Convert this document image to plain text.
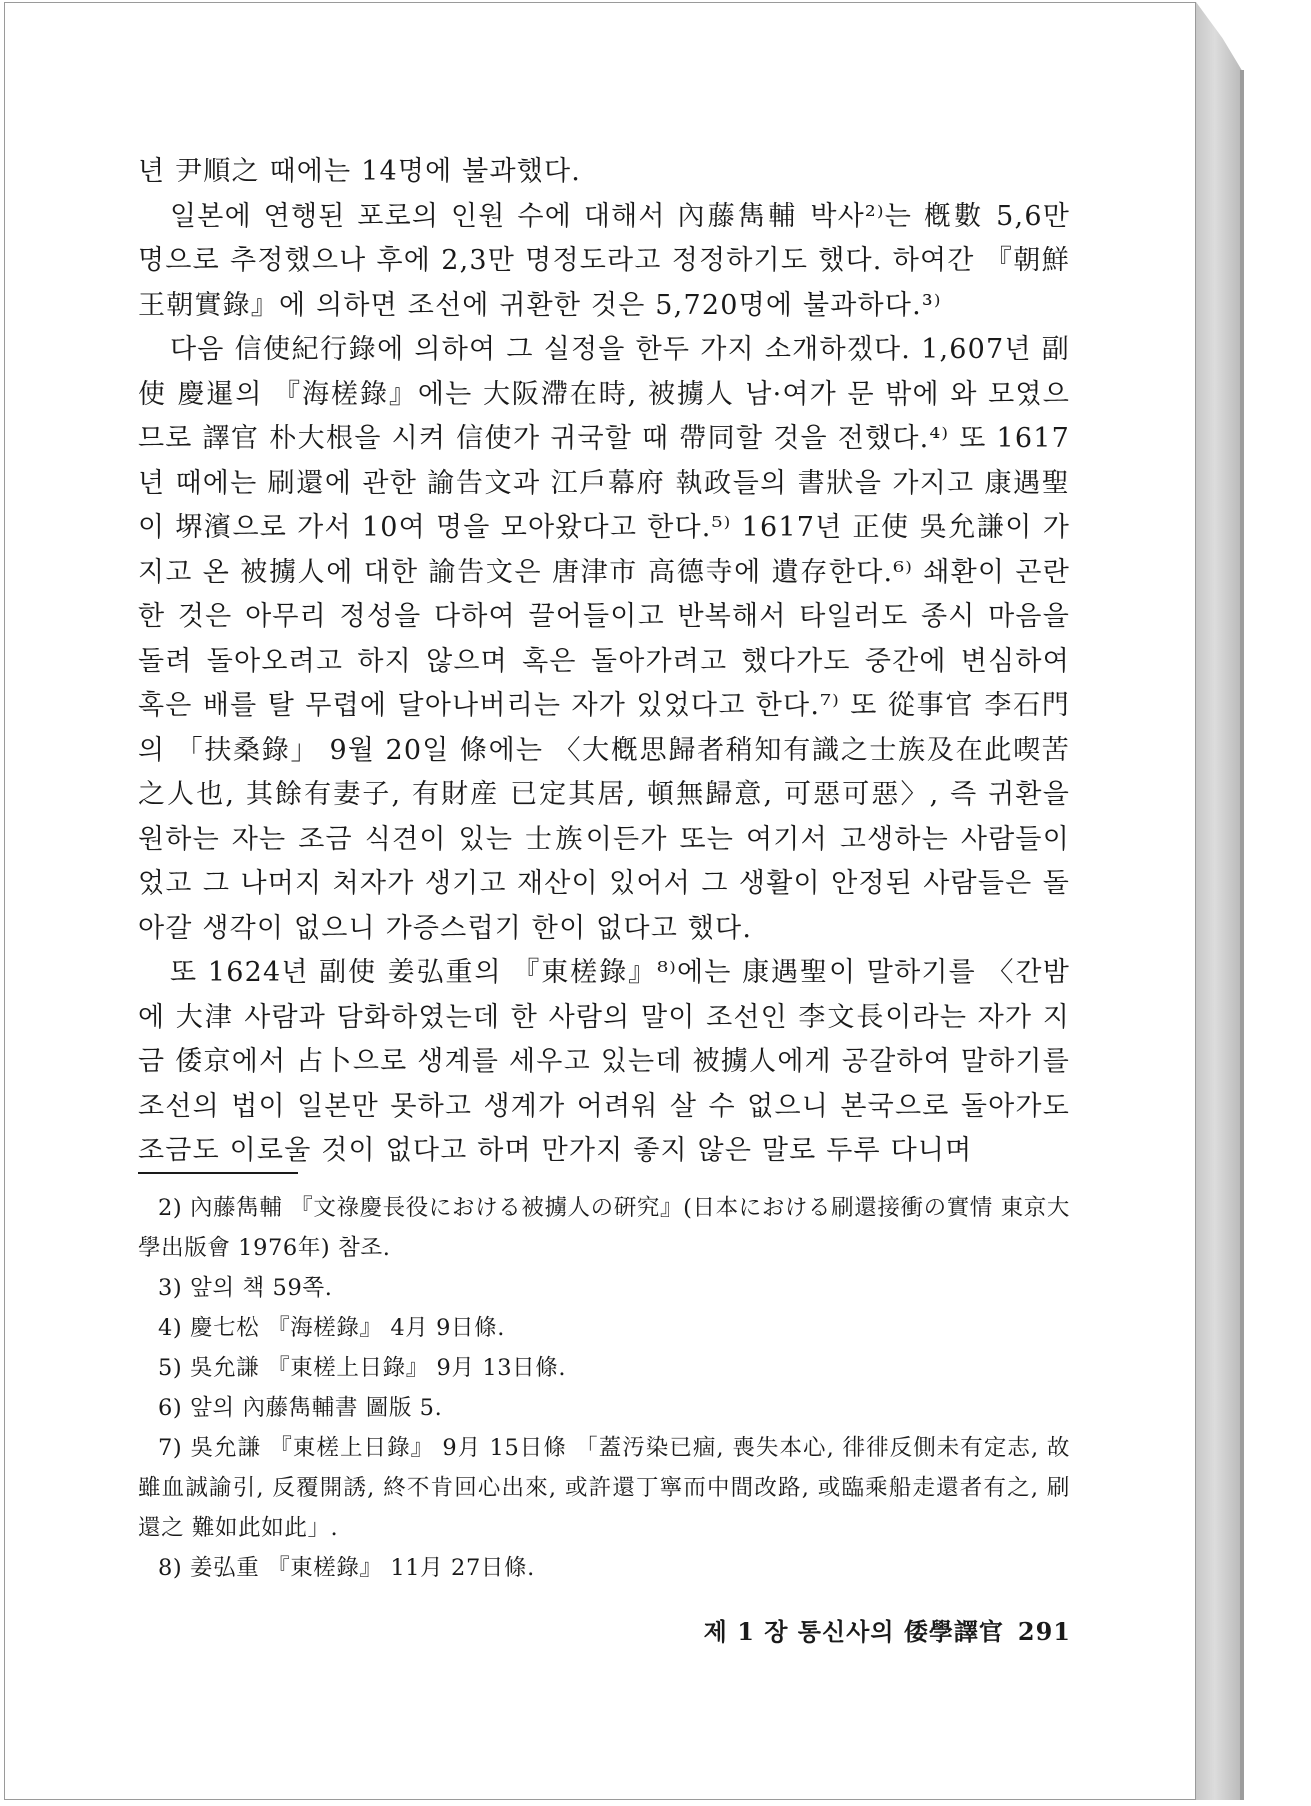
년 尹順之 때에는 14명에 불과했다.

일본에 연행된 포로의 인원 수에 대해서 內藤雋輔 박사²⁾는 槪數 5,6만 명으로 추정했으나 후에 2,3만 명정도라고 정정하기도 했다. 하여간 『朝鮮王朝實錄』에 의하면 조선에 귀환한 것은 5,720명에 불과하다.³⁾

다음 信使紀行錄에 의하여 그 실정을 한두 가지 소개하겠다. 1,607년 副使 慶暹의 『海槎錄』에는 大阪滯在時, 被擄人 남·여가 문 밖에 와 모였으므로 譯官 朴大根을 시켜 信使가 귀국할 때 帶同할 것을 전했다.⁴⁾ 또 1617년 때에는 刷還에 관한 諭告文과 江戶幕府 執政들의 書狀을 가지고 康遇聖이 堺濱으로 가서 10여 명을 모아왔다고 한다.⁵⁾ 1617년 正使 吳允謙이 가지고 온 被擄人에 대한 諭告文은 唐津市 高德寺에 遺存한다.⁶⁾ 쇄환이 곤란한 것은 아무리 정성을 다하여 끌어들이고 반복해서 타일러도 종시 마음을 돌려 돌아오려고 하지 않으며 혹은 돌아가려고 했다가도 중간에 변심하여 혹은 배를 탈 무렵에 달아나버리는 자가 있었다고 한다.⁷⁾ 또 從事官 李石門의 「扶桑錄」 9월 20일 條에는 〈大槪思歸者稍知有識之士族及在此喫苦之人也, 其餘有妻子, 有財産 已定其居, 頓無歸意, 可惡可惡〉, 즉 귀환을 원하는 자는 조금 식견이 있는 士族이든가 또는 여기서 고생하는 사람들이었고 그 나머지 처자가 생기고 재산이 있어서 그 생활이 안정된 사람들은 돌아갈 생각이 없으니 가증스럽기 한이 없다고 했다.

또 1624년 副使 姜弘重의 『東槎錄』⁸⁾에는 康遇聖이 말하기를 〈간밤에 大津 사람과 담화하였는데 한 사람의 말이 조선인 李文長이라는 자가 지금 倭京에서 占卜으로 생계를 세우고 있는데 被擄人에게 공갈하여 말하기를 조선의 법이 일본만 못하고 생계가 어려워 살 수 없으니 본국으로 돌아가도 조금도 이로울 것이 없다고 하며 만가지 좋지 않은 말로 두루 다니며

2) 內藤雋輔 『文祿慶長役における被擄人の硏究』(日本における刷還接衝の實情 東京大學出版會 1976年) 참조.

3) 앞의 책 59쪽.

4) 慶七松 『海槎錄』 4月 9日條.

5) 吳允謙 『東槎上日錄』 9月 13日條.

6) 앞의 內藤雋輔書 圖版 5.

7) 吳允謙 『東槎上日錄』 9月 15日條 「蓋汚染已痼, 喪失本心, 徘徘反側未有定志, 故雖血誠諭引, 反覆開誘, 終不肯回心出來, 或許還丁寧而中間改路, 或臨乘船走還者有之, 刷還之 難如此如此」.

8) 姜弘重 『東槎錄』 11月 27日條.

제 1 장 통신사의 倭學譯官 291
